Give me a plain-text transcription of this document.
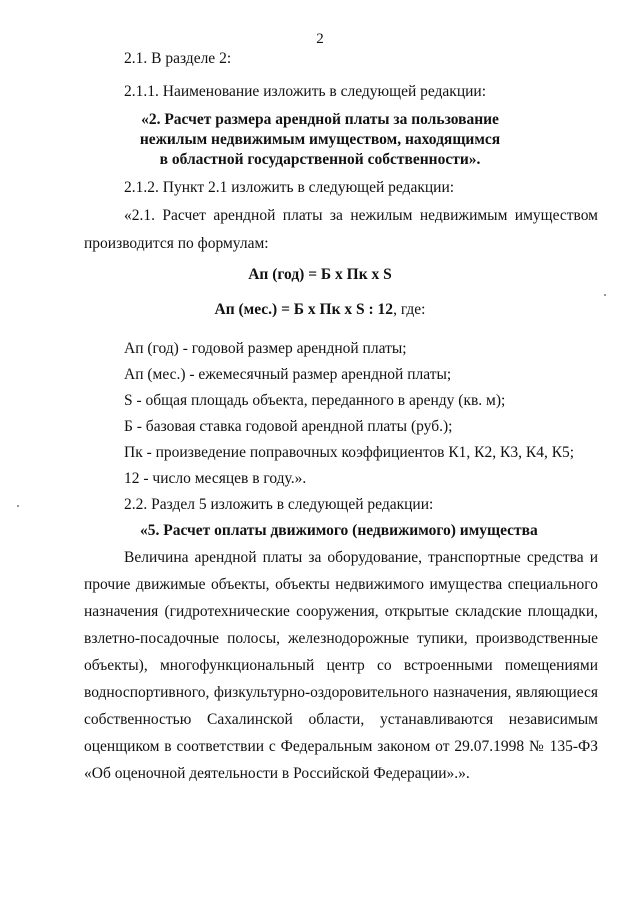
2
2.1. В разделе 2:
2.1.1. Наименование изложить в следующей редакции:
«2. Расчет размера арендной платы за пользование
нежилым недвижимым имуществом, находящимся
в областной государственной собственности».
2.1.2. Пункт 2.1 изложить в следующей редакции:
«2.1. Расчет арендной платы за нежилым недвижимым имуществом
производится по формулам:
Ап (год) = Б х Пк х S
Ап (мес.) = Б х Пк х S : 12, где:
Ап (год) - годовой размер арендной платы;
Ап (мес.) - ежемесячный размер арендной платы;
S - общая площадь объекта, переданного в аренду (кв. м);
Б - базовая ставка годовой арендной платы (руб.);
Пк - произведение поправочных коэффициентов К1, К2, К3, К4, К5;
12 - число месяцев в году.».
2.2. Раздел 5 изложить в следующей редакции:
«5. Расчет оплаты движимого (недвижимого) имущества
Величина арендной платы за оборудование, транспортные средства и
прочие движимые объекты, объекты недвижимого имущества специального
назначения (гидротехнические сооружения, открытые складские площадки,
взлетно-посадочные полосы, железнодорожные тупики, производственные
объекты), многофункциональный центр со встроенными помещениями
водноспортивного, физкультурно-оздоровительного назначения, являющиеся
собственностью Сахалинской области, устанавливаются независимым
оценщиком в соответствии с Федеральным законом от 29.07.1998 № 135-ФЗ
«Об оценочной деятельности в Российской Федерации».».
